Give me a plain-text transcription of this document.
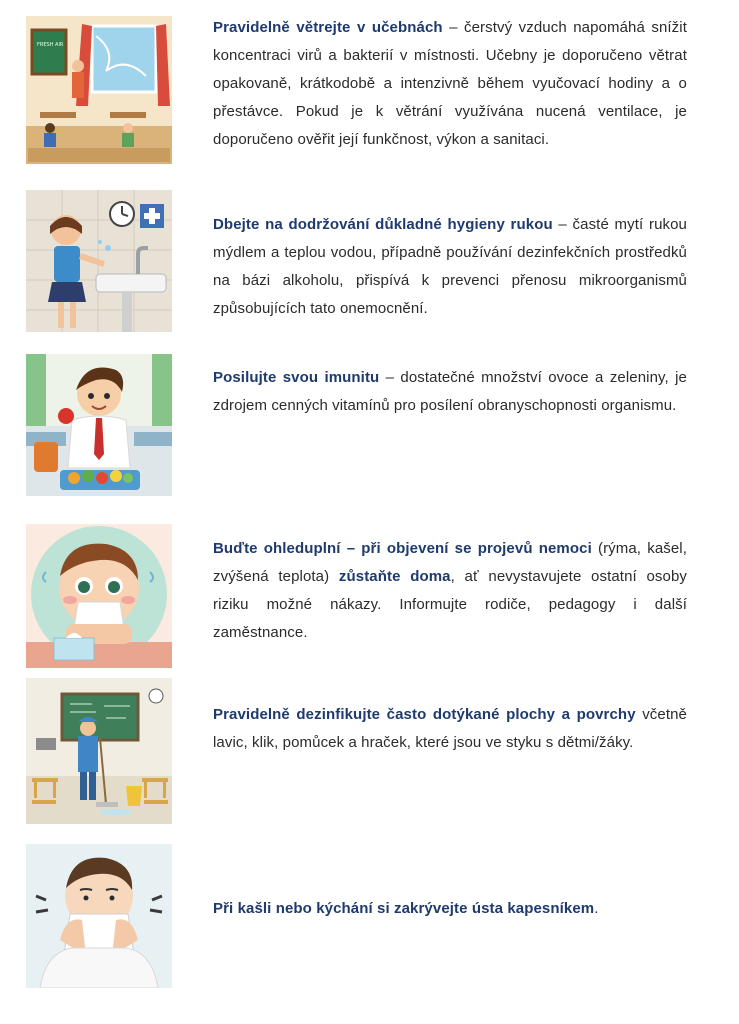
FRESH AIR
Pravidelně větrejte v učebnách – čerstvý vzduch napomáhá snížit koncentraci virů a bakterií v místnosti. Učebny je doporučeno větrat opakovaně, krátkodobě a intenzivně během vyučovací hodiny a o přestávce. Pokud je k větrání využívána nucená ventilace, je doporučeno ověřit její funkčnost, výkon a sanitaci.
Dbejte na dodržování důkladné hygieny rukou – časté mytí rukou mýdlem a teplou vodou, případně používání dezinfekčních prostředků na bázi alkoholu, přispívá k prevenci přenosu mikroorganismů způsobujících tato onemocnění.
Posilujte svou imunitu – dostatečné množství ovoce a zeleniny, je zdrojem cenných vitamínů pro posílení obranyschopnosti organismu.
Buďte ohleduplní – při objevení se projevů nemoci (rýma, kašel, zvýšená teplota) zůstaňte doma, ať nevystavujete ostatní osoby riziku možné nákazy. Informujte rodiče, pedagogy i další zaměstnance.
Pravidelně dezinfikujte často dotýkané plochy a povrchy včetně lavic, klik, pomůcek a hraček, které jsou ve styku s dětmi/žáky.
Při kašli nebo kýchání si zakrývejte ústa kapesníkem.
